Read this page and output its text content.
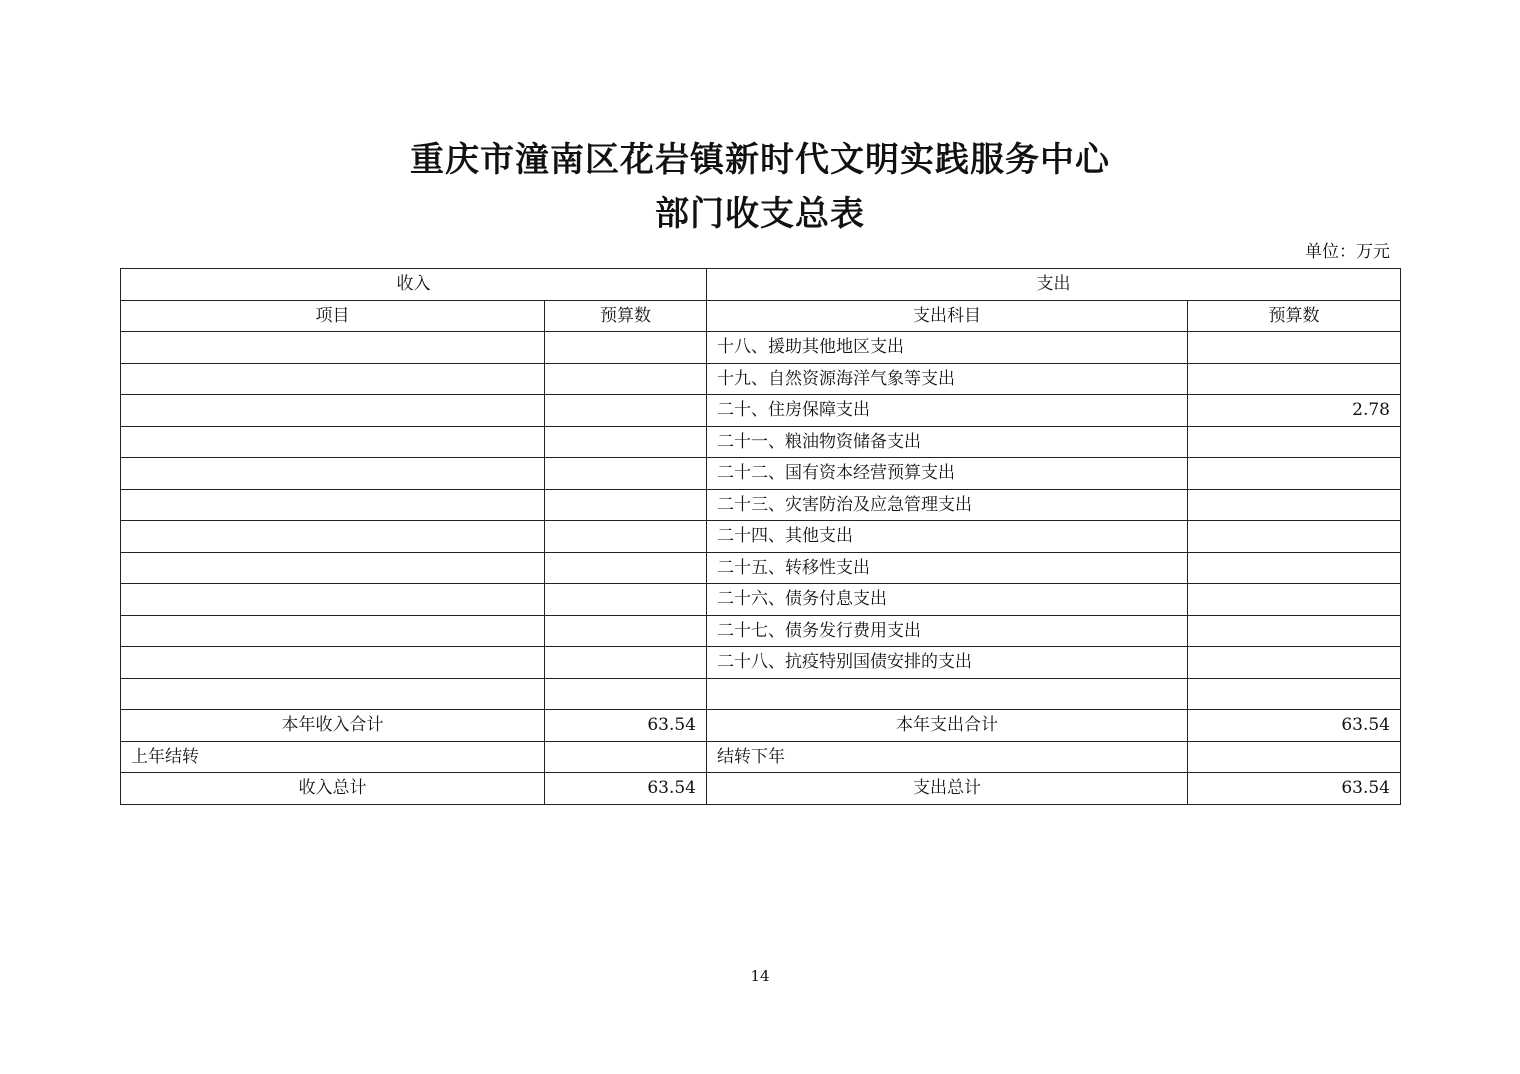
重庆市潼南区花岩镇新时代文明实践服务中心
部门收支总表
单位：万元
收入		支出	
项目	预算数	支出科目	预算数
		十八、援助其他地区支出	
		十九、自然资源海洋气象等支出	
		二十、住房保障支出	2.78
		二十一、粮油物资储备支出	
		二十二、国有资本经营预算支出	
		二十三、灾害防治及应急管理支出	
		二十四、其他支出	
		二十五、转移性支出	
		二十六、债务付息支出	
		二十七、债务发行费用支出	
		二十八、抗疫特别国债安排的支出	

本年收入合计	63.54	本年支出合计	63.54
上年结转		结转下年	
收入总计	63.54	支出总计	63.54
14
